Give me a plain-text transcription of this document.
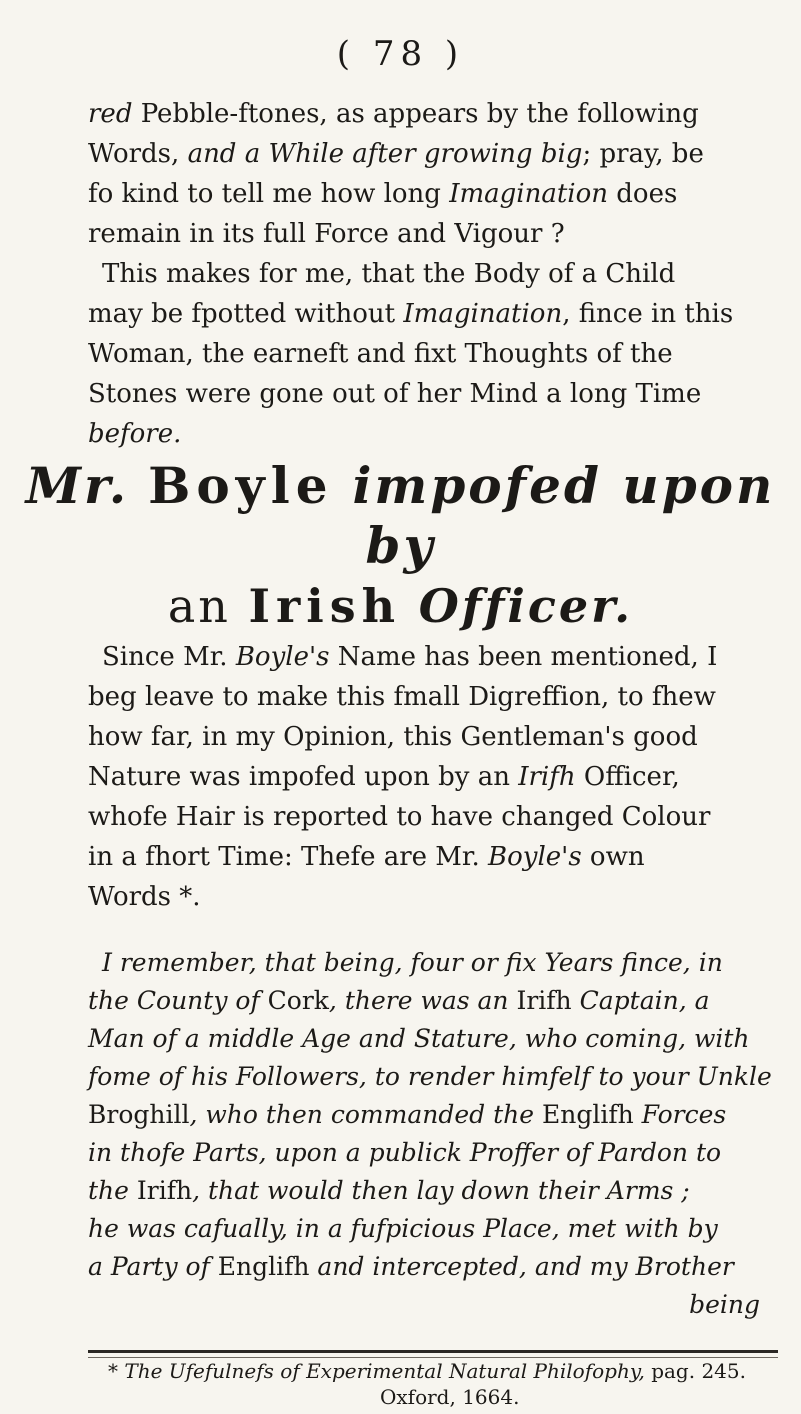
( 78 )
red Pebble-ftones, as appears by the following
Words, and a While after growing big; pray, be
fo kind to tell me how long Imagination does
remain in its full Force and Vigour ?
This makes for me, that the Body of a Child
may be fpotted without Imagination, fince in this
Woman, the earneft and fixt Thoughts of the
Stones were gone out of her Mind a long Time
before.
Mr. Boyle impofed upon by
an Irish Officer.
Since Mr. Boyle's Name has been mentioned, I
beg leave to make this fmall Digreffion, to fhew
how far, in my Opinion, this Gentleman's good
Nature was impofed upon by an Irifh Officer,
whofe Hair is reported to have changed Colour
in a fhort Time: Thefe are Mr. Boyle's own
Words *.
I remember, that being, four or fix Years fince, in
the County of Cork, there was an Irifh Captain, a
Man of a middle Age and Stature, who coming, with
fome of his Followers, to render himfelf to your Unkle
Broghill, who then commanded the Englifh Forces
in thofe Parts, upon a publick Proffer of Pardon to
the Irifh, that would then lay down their Arms ;
he was cafually, in a fufpicious Place, met with by
a Party of Englifh and intercepted, and my Brother
being
* The Ufefulnefs of Experimental Natural Philofophy, pag. 245.
Oxford, 1664.
